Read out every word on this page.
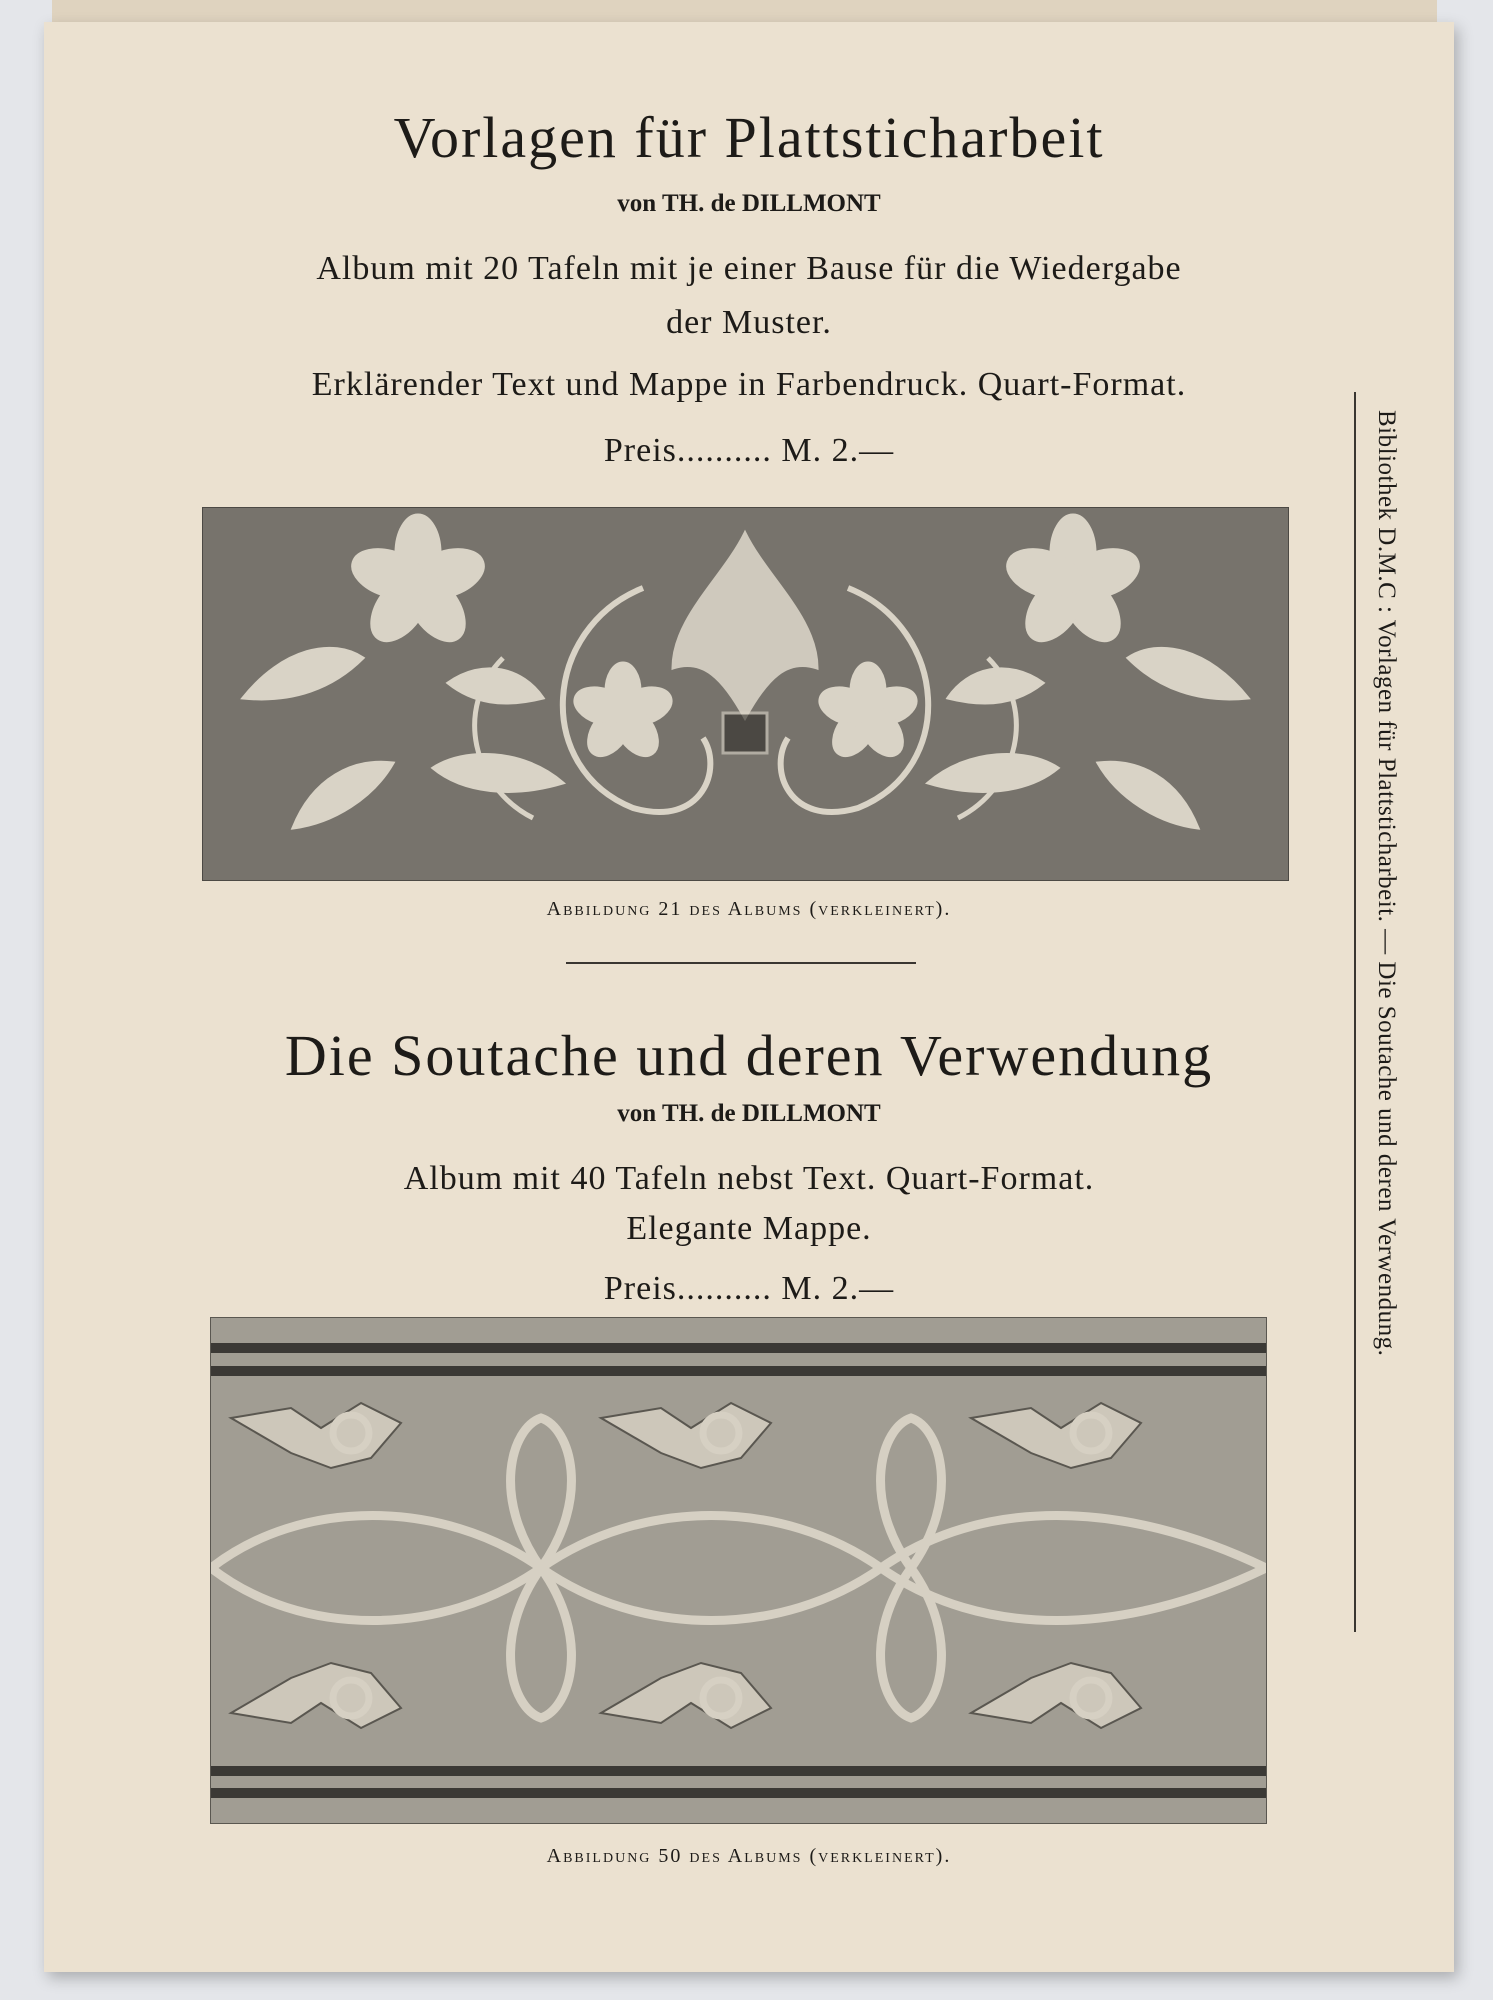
Vorlagen für Plattsticharbeit
von TH. de DILLMONT
Album mit 20 Tafeln mit je einer Bause für die Wiedergabe
der Muster.
Erklärender Text und Mappe in Farbendruck. Quart-Format.
Preis.......... M. 2.—
Abbildung 21 des Albums (verkleinert).
Die Soutache und deren Verwendung
von TH. de DILLMONT
Album mit 40 Tafeln nebst Text. Quart-Format.
Elegante Mappe.
Preis.......... M. 2.—
Abbildung 50 des Albums (verkleinert).
Bibliothek D.M.C : Vorlagen für Plattsticharbeit. — Die Soutache und deren Verwendung.
